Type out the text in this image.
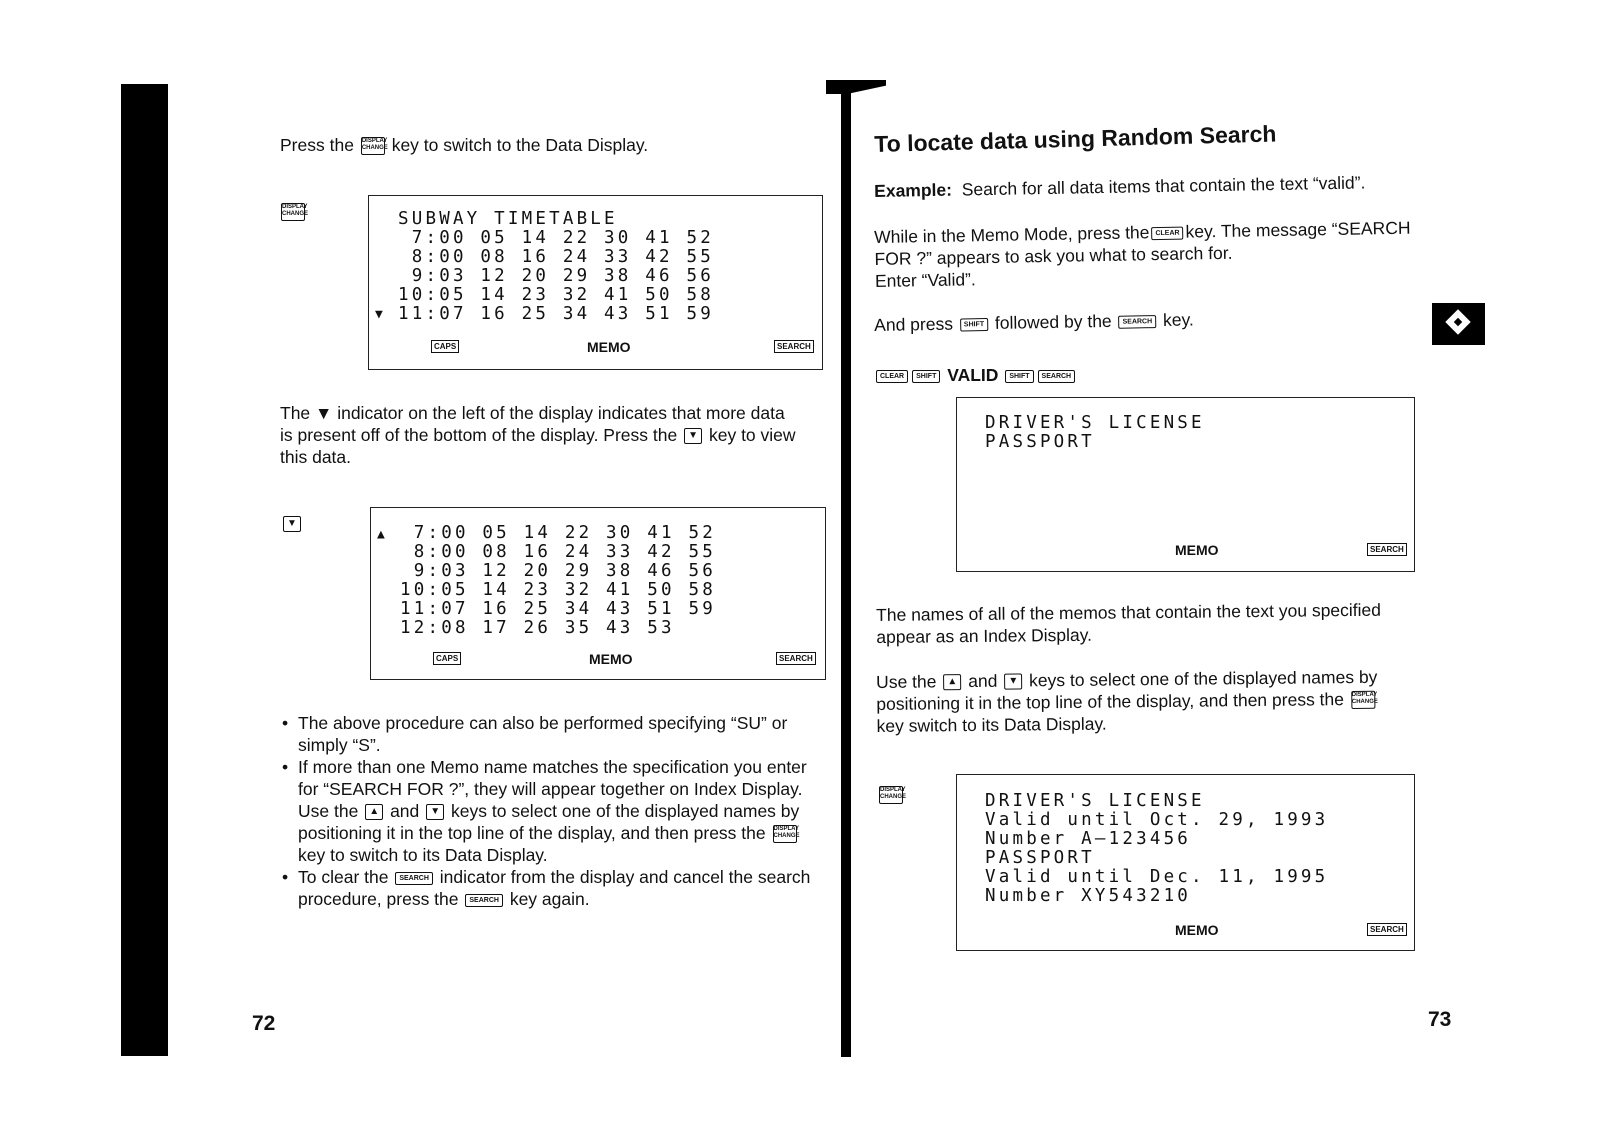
Press the DISPLAY CHANGE key to switch to the Data Display.
DISPLAY CHANGE
▼
SUBWAY TIMETABLE
7:00 05 14 22 30 41 52
8:00 08 16 24 33 42 55
9:03 12 20 29 38 46 56
10:05 14 23 32 41 50 58
11:07 16 25 34 43 51 59
CAPS	MEMO	SEARCH
The ▼ indicator on the left of the display indicates that more data
is present off of the bottom of the display. Press the ▼ key to view
this data.
▼
▲ 7:00 05 14 22 30 41 52
8:00 08 16 24 33 42 55
9:03 12 20 29 38 46 56
10:05 14 23 32 41 50 58
11:07 16 25 34 43 51 59
12:08 17 26 35 43 53
CAPS	MEMO	SEARCH
• The above procedure can also be performed specifying “SU” or
simply “S”.
• If more than one Memo name matches the specification you enter
for “SEARCH FOR ?”, they will appear together on Index Display.
Use the ▲ and ▼ keys to select one of the displayed names by
positioning it in the top line of the display, and then press the DISPLAY CHANGE
key to switch to its Data Display.
• To clear the SEARCH indicator from the display and cancel the search
procedure, press the SEARCH key again.
72
To locate data using Random Search
Example: Search for all data items that contain the text “valid”.
While in the Memo Mode, press the CLEAR key. The message “SEARCH
FOR ?” appears to ask you what to search for.
Enter “Valid”.
And press SHIFT followed by the SEARCH key.
CLEAR SHIFT VALID SHIFT SEARCH
DRIVER'S LICENSE
PASSPORT
MEMO	SEARCH
The names of all of the memos that contain the text you specified
appear as an Index Display.
Use the ▲ and ▼ keys to select one of the displayed names by
positioning it in the top line of the display, and then press the DISPLAY CHANGE
key switch to its Data Display.
DISPLAY CHANGE	DRIVER'S LICENSE
Valid until Oct. 29, 1993
Number A—123456
PASSPORT
Valid until Dec. 11, 1995
Number XY543210
MEMO	SEARCH
73
